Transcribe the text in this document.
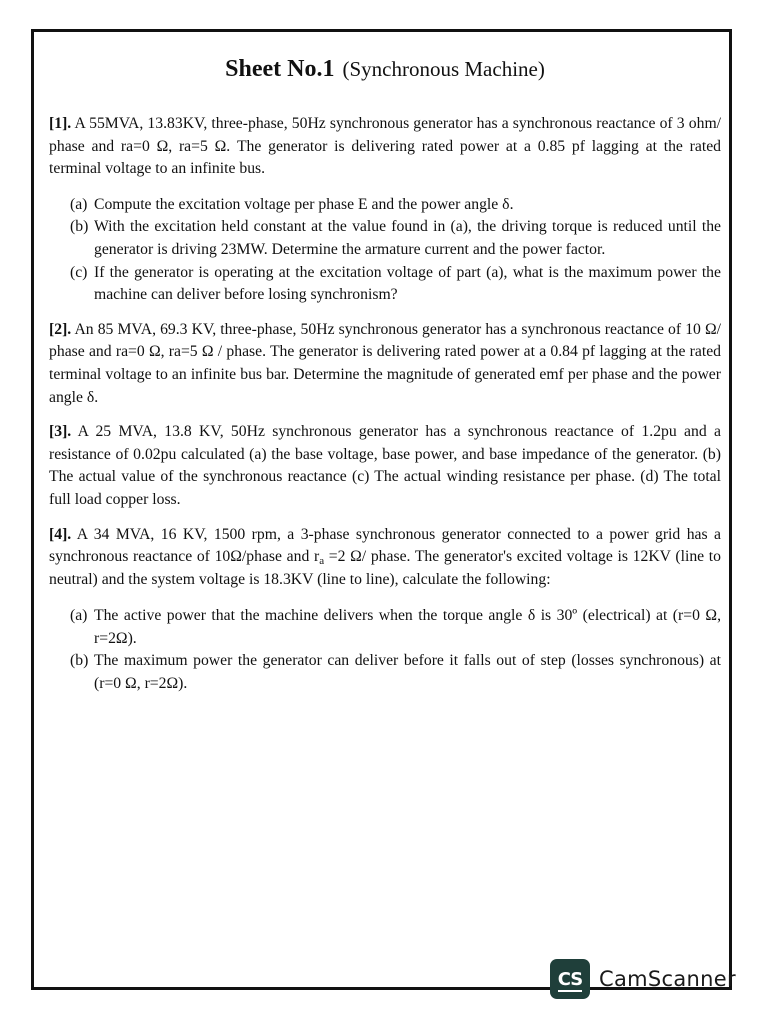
Sheet No.1 (Synchronous Machine)

[1]. A 55MVA, 13.83KV, three-phase, 50Hz synchronous generator has a synchronous reactance of 3 ohm/ phase and ra=0 Ω, ra=5 Ω. The generator is delivering rated power at a 0.85 pf lagging at the rated terminal voltage to an infinite bus.

(a) Compute the excitation voltage per phase E and the power angle δ.
(b) With the excitation held constant at the value found in (a), the driving torque is reduced until the generator is driving 23MW. Determine the armature current and the power factor.
(c) If the generator is operating at the excitation voltage of part (a), what is the maximum power the machine can deliver before losing synchronism?

[2]. An 85 MVA, 69.3 KV, three-phase, 50Hz synchronous generator has a synchronous reactance of 10 Ω/ phase and ra=0 Ω, ra=5 Ω / phase. The generator is delivering rated power at a 0.84 pf lagging at the rated terminal voltage to an infinite bus bar. Determine the magnitude of generated emf per phase and the power angle δ.

[3]. A 25 MVA, 13.8 KV, 50Hz synchronous generator has a synchronous reactance of 1.2pu and a resistance of 0.02pu calculated (a) the base voltage, base power, and base impedance of the generator. (b) The actual value of the synchronous reactance (c) The actual winding resistance per phase. (d) The total full load copper loss.

[4]. A 34 MVA, 16 KV, 1500 rpm, a 3-phase synchronous generator connected to a power grid has a synchronous reactance of 10Ω/phase and $r_a =2$ Ω/ phase. The generator's excited voltage is 12KV (line to neutral) and the system voltage is 18.3KV (line to line), calculate the following:

(a) The active power that the machine delivers when the torque angle δ is 30º (electrical) at (r=0 Ω, r=2Ω).
(b) The maximum power the generator can deliver before it falls out of step (losses synchronous) at (r=0 Ω, r=2Ω).
CS CamScanner
